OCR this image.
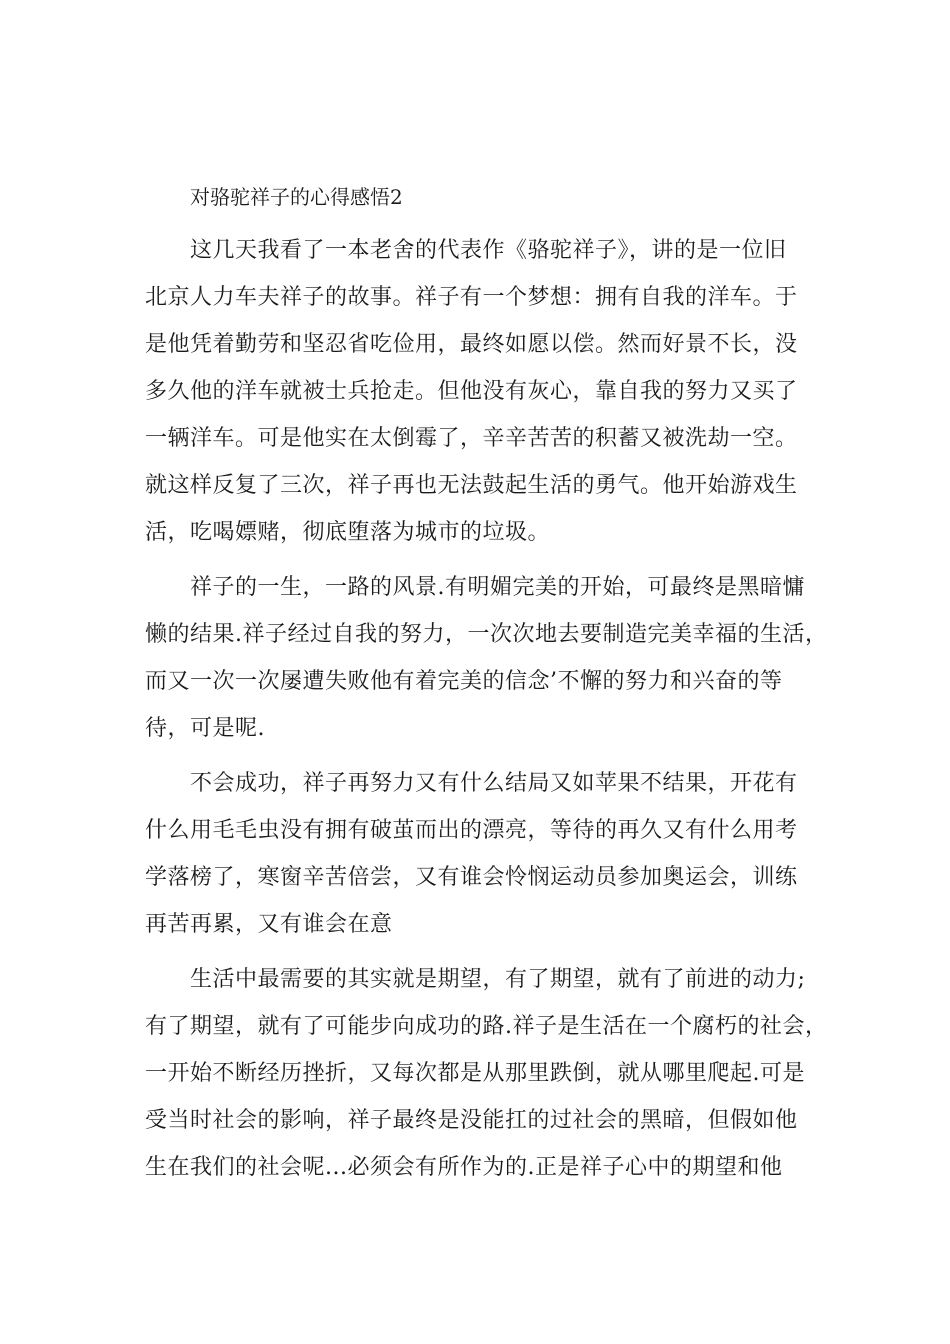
对骆驼祥子的心得感悟2
这几天我看了一本老舍的代表作《骆驼祥子》，讲的是一位旧
北京人力车夫祥子的故事。祥子有一个梦想：拥有自我的洋车。于
是他凭着勤劳和坚忍省吃俭用，最终如愿以偿。然而好景不长，没
多久他的洋车就被士兵抢走。但他没有灰心，靠自我的努力又买了
一辆洋车。可是他实在太倒霉了，辛辛苦苦的积蓄又被洗劫一空。
就这样反复了三次，祥子再也无法鼓起生活的勇气。他开始游戏生
活，吃喝嫖赌，彻底堕落为城市的垃圾。
祥子的一生，一路的风景.有明媚完美的开始，可最终是黑暗慵
懒的结果.祥子经过自我的努力，一次次地去要制造完美幸福的生活，
而又一次一次屡遭失败他有着完美的信念’不懈的努力和兴奋的等
待，可是呢.
不会成功，祥子再努力又有什么结局又如苹果不结果，开花有
什么用毛毛虫没有拥有破茧而出的漂亮，等待的再久又有什么用考
学落榜了，寒窗辛苦倍尝，又有谁会怜悯运动员参加奥运会，训练
再苦再累，又有谁会在意
生活中最需要的其实就是期望，有了期望，就有了前进的动力;
有了期望，就有了可能步向成功的路.祥子是生活在一个腐朽的社会，
一开始不断经历挫折，又每次都是从那里跌倒，就从哪里爬起.可是
受当时社会的影响，祥子最终是没能扛的过社会的黑暗，但假如他
生在我们的社会呢...必须会有所作为的.正是祥子心中的期望和他
